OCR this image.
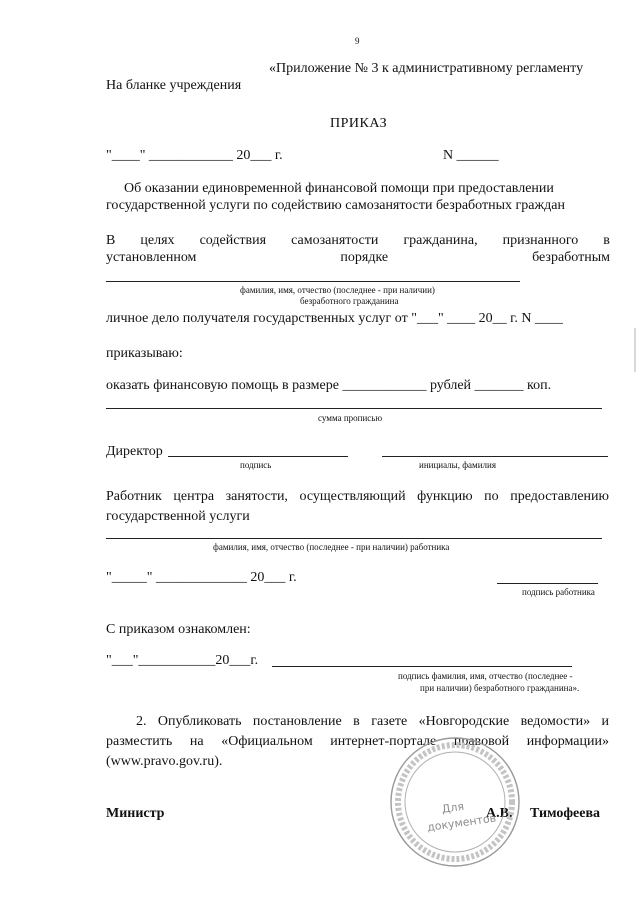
9
«Приложение № 3 к административному регламенту
На бланке учреждения
ПРИКАЗ
"____" ____________ 20___ г.	N ______
Об оказании единовременной финансовой помощи при предоставлении
государственной услуги по содействию самозанятости безработных граждан
В целях содействия самозанятости гражданина, признанного в
установленном	порядке	безработным
фамилия, имя, отчество (последнее - при наличии)
безработного гражданина
личное дело получателя государственных услуг от "___" ____ 20__ г. N ____
приказываю:
оказать финансовую помощь в размере ____________ рублей _______ коп.
сумма прописью
Директор
подпись	инициалы, фамилия
Работник центра занятости, осуществляющий функцию по предоставлению государственной услуги
фамилия, имя, отчество (последнее - при наличии) работника
"_____" _____________ 20___ г.
подпись работника
С приказом ознакомлен:
"___"___________20___г.
подпись фамилия, имя, отчество (последнее -
при наличии) безработного гражданина».
2. Опубликовать постановление в газете «Новгородские ведомости» и разместить на «Официальном интернет-портале правовой информации» (www.pravo.gov.ru).
Министр	А.В.     Тимофеева
Для
документов
